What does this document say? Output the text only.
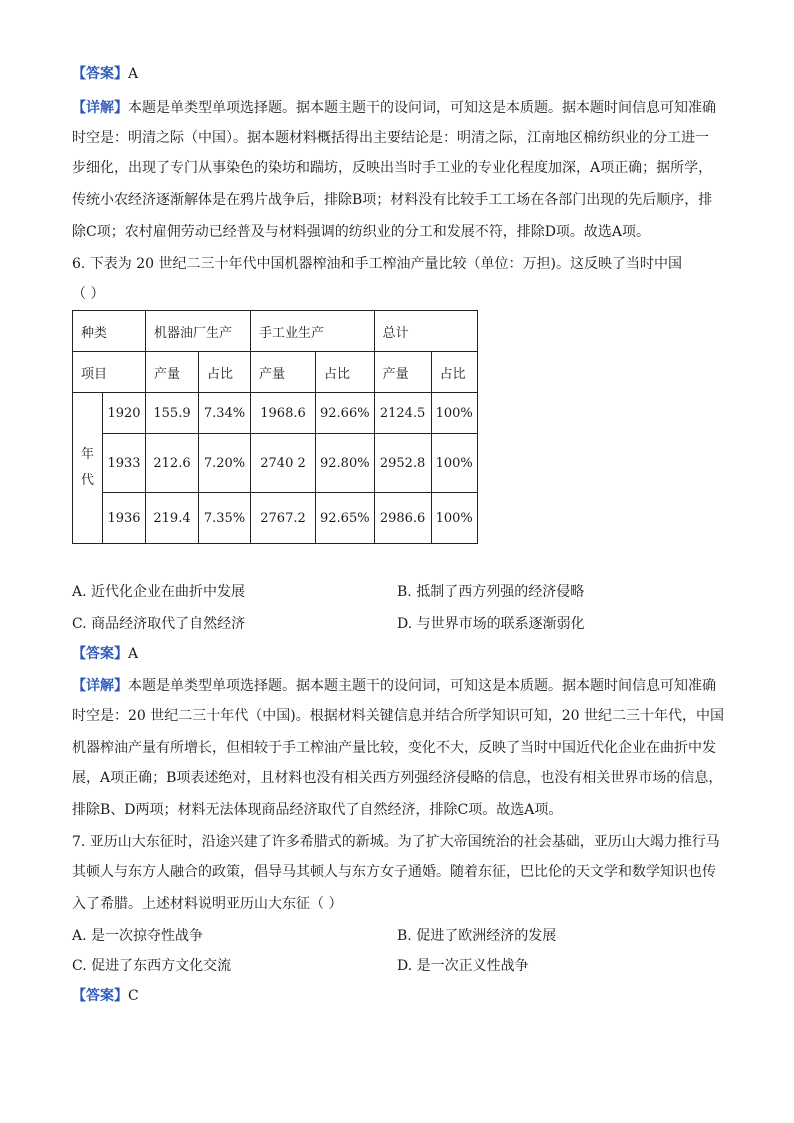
【答案】A
【详解】本题是单类型单项选择题。据本题主题干的设问词，可知这是本质题。据本题时间信息可知准确
时空是：明清之际（中国）。据本题材料概括得出主要结论是：明清之际，江南地区棉纺织业的分工进一
步细化，出现了专门从事染色的染坊和踹坊，反映出当时手工业的专业化程度加深，A项正确；据所学，
传统小农经济逐渐解体是在鸦片战争后，排除B项；材料没有比较手工工场在各部门出现的先后顺序，排
除C项；农村雇佣劳动已经普及与材料强调的纺织业的分工和发展不符，排除D项。故选A项。
6. 下表为 20 世纪二三十年代中国机器榨油和手工榨油产量比较（单位：万担)。这反映了当时中国
（ ）
种类		机器油厂生产		手工业生产		总计	
项目		产量	占比	产量	占比	产量	占比

年
代	1920	155.9	7.34%	1968.6	92.66%	2124.5	100%
	1933	212.6	7.20%	2740 2	92.80%	2952.8	100%
	1936	219.4	7.35%	2767.2	92.65%	2986.6	100%
A. 近代化企业在曲折中发展	B. 抵制了西方列强的经济侵略
C. 商品经济取代了自然经济	D. 与世界市场的联系逐渐弱化
【答案】A
【详解】本题是单类型单项选择题。据本题主题干的设问词，可知这是本质题。据本题时间信息可知准确
时空是：20 世纪二三十年代（中国)。根据材料关键信息并结合所学知识可知，20 世纪二三十年代，中国
机器榨油产量有所增长，但相较于手工榨油产量比较，变化不大，反映了当时中国近代化企业在曲折中发
展，A项正确；B项表述绝对，且材料也没有相关西方列强经济侵略的信息，也没有相关世界市场的信息，
排除B、D两项；材料无法体现商品经济取代了自然经济，排除C项。故选A项。
7. 亚历山大东征时，沿途兴建了许多希腊式的新城。为了扩大帝国统治的社会基础，亚历山大竭力推行马
其顿人与东方人融合的政策，倡导马其顿人与东方女子通婚。随着东征，巴比伦的天文学和数学知识也传
入了希腊。上述材料说明亚历山大东征（ ）
A. 是一次掠夺性战争	B. 促进了欧洲经济的发展
C. 促进了东西方文化交流	D. 是一次正义性战争
【答案】C
